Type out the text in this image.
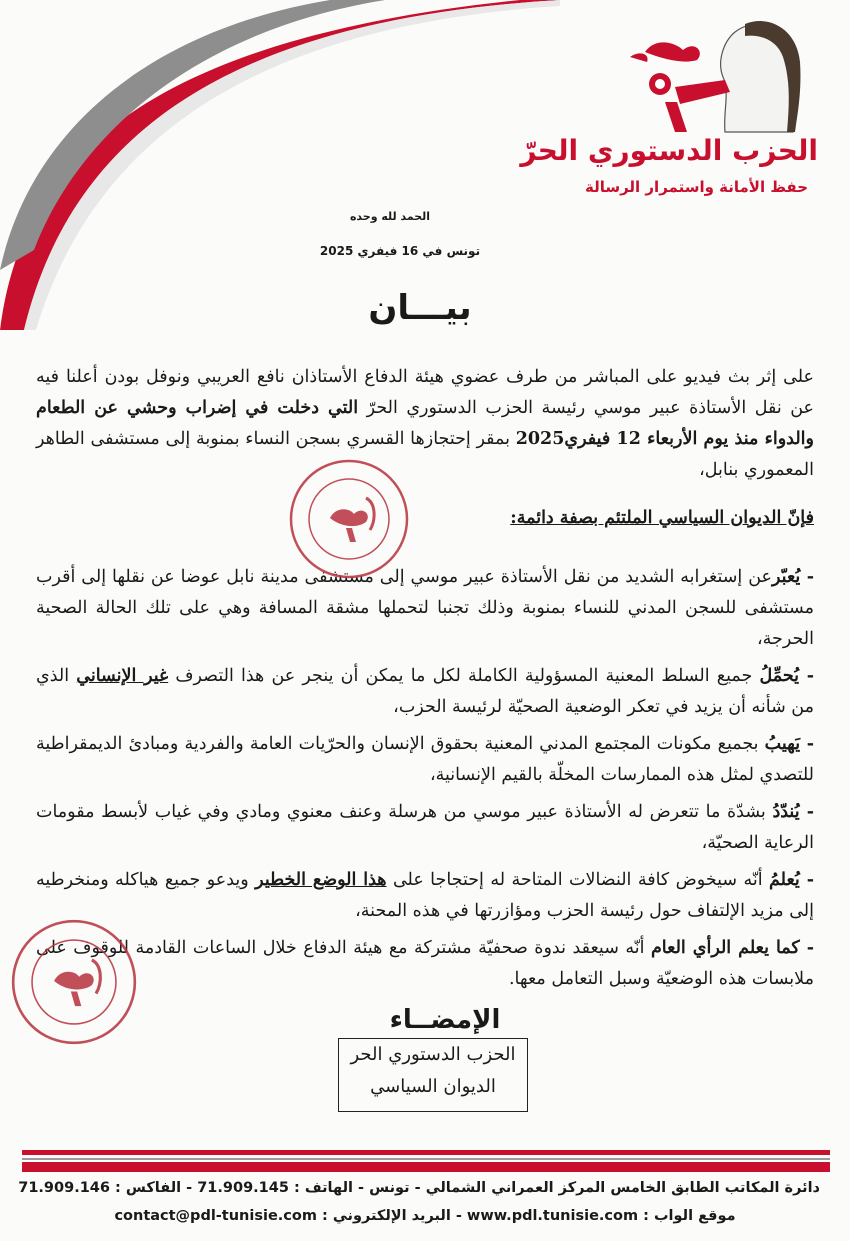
الحزب الدستوري الحرّ
حفظ الأمانة واستمرار الرسالة
الحمد لله وحده
تونس في 16 فيفري 2025
بيـــان
على إثر بث فيديو على المباشر من طرف عضوي هيئة الدفاع الأستاذان نافع العريبي ونوفل بودن أعلنا فيه عن نقل الأستاذة عبير موسي رئيسة الحزب الدستوري الحرّ التي دخلت في إضراب وحشي عن الطعام والدواء منذ يوم الأربعاء 12 فيفري2025 بمقر إحتجازها القسري بسجن النساء بمنوبة إلى مستشفى الطاهر المعموري بنابل،
فإنّ الديوان السياسي الملتئم بصفة دائمة:
- يُعبّرعن إستغرابه الشديد من نقل الأستاذة عبير موسي إلى مستشفى مدينة نابل عوضا عن نقلها إلى أقرب مستشفى للسجن المدني للنساء بمنوبة وذلك تجنبا لتحملها مشقة المسافة وهي على تلك الحالة الصحية الحرجة،
- يُحمِّلُ جميع السلط المعنية المسؤولية الكاملة لكل ما يمكن أن ينجر عن هذا التصرف غير الإنساني الذي من شأنه أن يزيد في تعكر الوضعية الصحيّة لرئيسة الحزب،
- يَهيبُ بجميع مكونات المجتمع المدني المعنية بحقوق الإنسان والحرّيات العامة والفردية ومبادئ الديمقراطية للتصدي لمثل هذه الممارسات المخلّة بالقيم الإنسانية،
- يُندّدُ بشدّة ما تتعرض له الأستاذة عبير موسي من هرسلة وعنف معنوي ومادي وفي غياب لأبسط مقومات الرعاية الصحيّة،
- يُعلمُ أنّه سيخوض كافة النضالات المتاحة له إحتجاجا على هذا الوضع الخطير ويدعو جميع هياكله ومنخرطيه إلى مزيد الإلتفاف حول رئيسة الحزب ومؤازرتها في هذه المحنة،
- كما يعلم الرأي العام أنّه سيعقد ندوة صحفيّة مشتركة مع هيئة الدفاع خلال الساعات القادمة للوقوف على ملابسات هذه الوضعيّة وسبل التعامل معها.
الإمضــاء
الحزب الدستوري الحر
الديوان السياسي
دائرة المكاتب الطابق الخامس المركز العمراني الشمالي - تونس - الهاتف : 71.909.145 - الفاكس : 71.909.146
موقع الواب : www.pdl.tunisie.com - البريد الإلكتروني : contact@pdl-tunisie.com
